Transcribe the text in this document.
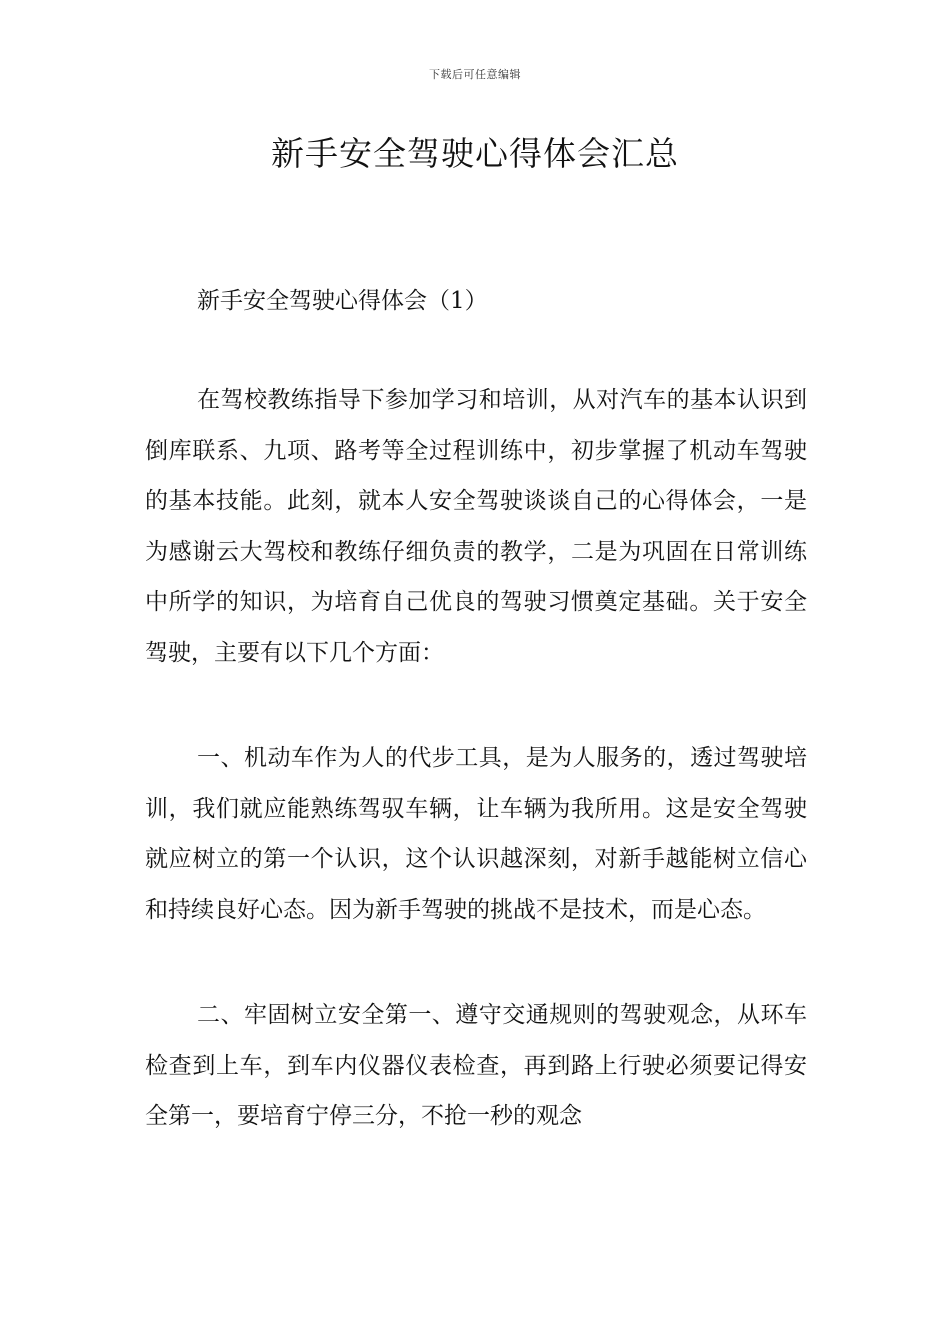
下载后可任意编辑
新手安全驾驶心得体会汇总

新手安全驾驶心得体会（1）

在驾校教练指导下参加学习和培训，从对汽车的基本认识到倒库联系、九项、路考等全过程训练中，初步掌握了机动车驾驶的基本技能。此刻，就本人安全驾驶谈谈自己的心得体会，一是为感谢云大驾校和教练仔细负责的教学，二是为巩固在日常训练中所学的知识，为培育自己优良的驾驶习惯奠定基础。关于安全驾驶，主要有以下几个方面：

一、机动车作为人的代步工具，是为人服务的，透过驾驶培训，我们就应能熟练驾驭车辆，让车辆为我所用。这是安全驾驶就应树立的第一个认识，这个认识越深刻，对新手越能树立信心和持续良好心态。因为新手驾驶的挑战不是技术，而是心态。

二、牢固树立安全第一、遵守交通规则的驾驶观念，从环车检查到上车，到车内仪器仪表检查，再到路上行驶必须要记得安全第一，要培育宁停三分，不抢一秒的观念
